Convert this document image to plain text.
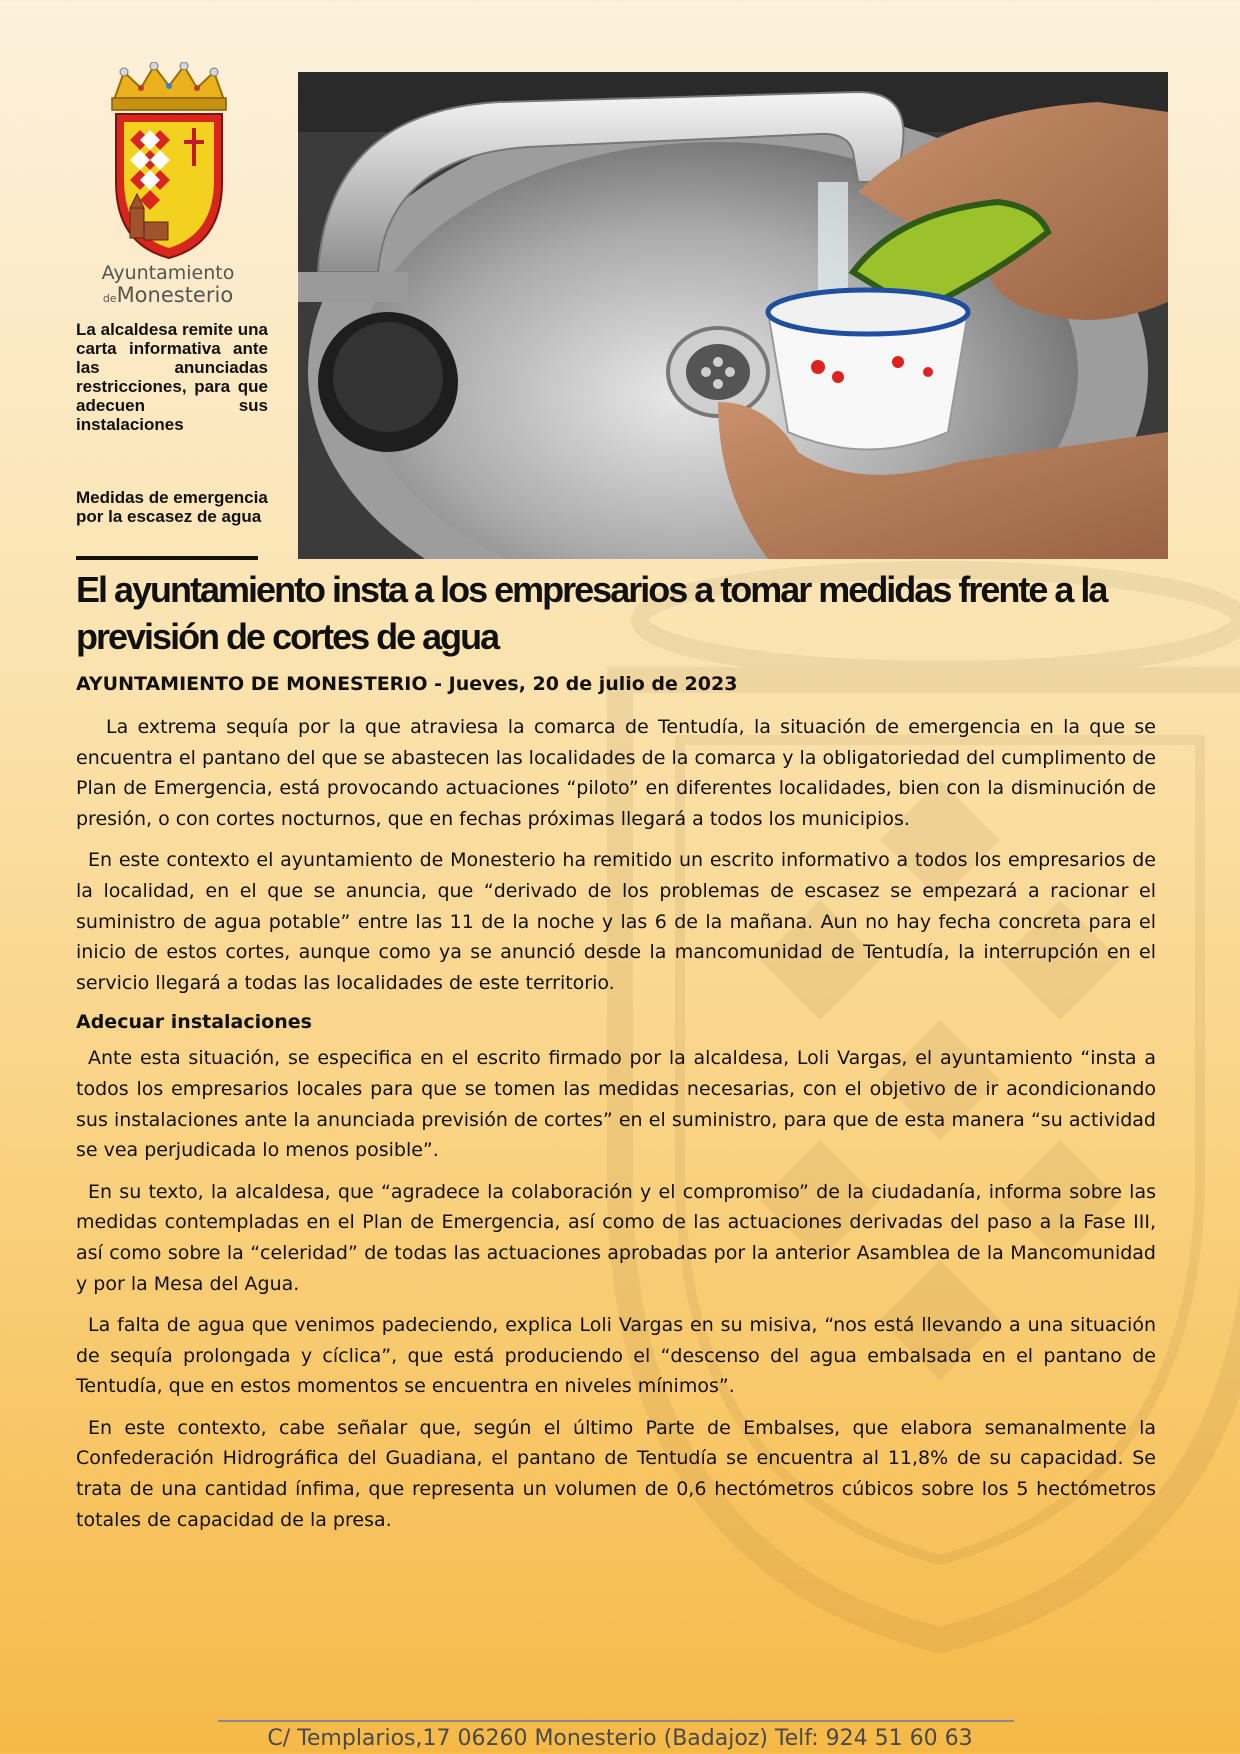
Ayuntamiento
deMonesterio
La alcaldesa remite una carta informativa ante las anunciadas restricciones, para que adecuen sus instalaciones
Medidas de emergencia por la escasez de agua
El ayuntamiento insta a los empresarios a tomar medidas frente a la previsión de cortes de agua
AYUNTAMIENTO DE MONESTERIO - Jueves, 20 de julio de 2023

La extrema sequía por la que atraviesa la comarca de Tentudía, la situación de emergencia en la que se encuentra el pantano del que se abastecen las localidades de la comarca y la obligatoriedad del cumplimento de Plan de Emergencia, está provocando actuaciones “piloto” en diferentes localidades, bien con la disminución de presión, o con cortes nocturnos, que en fechas próximas llegará a todos los municipios.

En este contexto el ayuntamiento de Monesterio ha remitido un escrito informativo a todos los empresarios de la localidad, en el que se anuncia, que “derivado de los problemas de escasez se empezará a racionar el suministro de agua potable” entre las 11 de la noche y las 6 de la mañana. Aun no hay fecha concreta para el inicio de estos cortes, aunque como ya se anunció desde la mancomunidad de Tentudía, la interrupción en el servicio llegará a todas las localidades de este territorio.

Adecuar instalaciones

Ante esta situación, se especifica en el escrito firmado por la alcaldesa, Loli Vargas, el ayuntamiento “insta a todos los empresarios locales para que se tomen las medidas necesarias, con el objetivo de ir acondicionando sus instalaciones ante la anunciada previsión de cortes” en el suministro, para que de esta manera “su actividad se vea perjudicada lo menos posible”.

En su texto, la alcaldesa, que “agradece la colaboración y el compromiso” de la ciudadanía, informa sobre las medidas contempladas en el Plan de Emergencia, así como de las actuaciones derivadas del paso a la Fase III, así como sobre la “celeridad” de todas las actuaciones aprobadas por la anterior Asamblea de la Mancomunidad y por la Mesa del Agua.

La falta de agua que venimos padeciendo, explica Loli Vargas en su misiva, “nos está llevando a una situación de sequía prolongada y cíclica”, que está produciendo el “descenso del agua embalsada en el pantano de Tentudía, que en estos momentos se encuentra en niveles mínimos”.

En este contexto, cabe señalar que, según el último Parte de Embalses, que elabora semanalmente la Confederación Hidrográfica del Guadiana, el pantano de Tentudía se encuentra al 11,8% de su capacidad. Se trata de una cantidad ínfima, que representa un volumen de 0,6 hectómetros cúbicos sobre los 5 hectómetros totales de capacidad de la presa.

C/ Templarios,17 06260 Monesterio (Badajoz) Telf: 924 51 60 63
